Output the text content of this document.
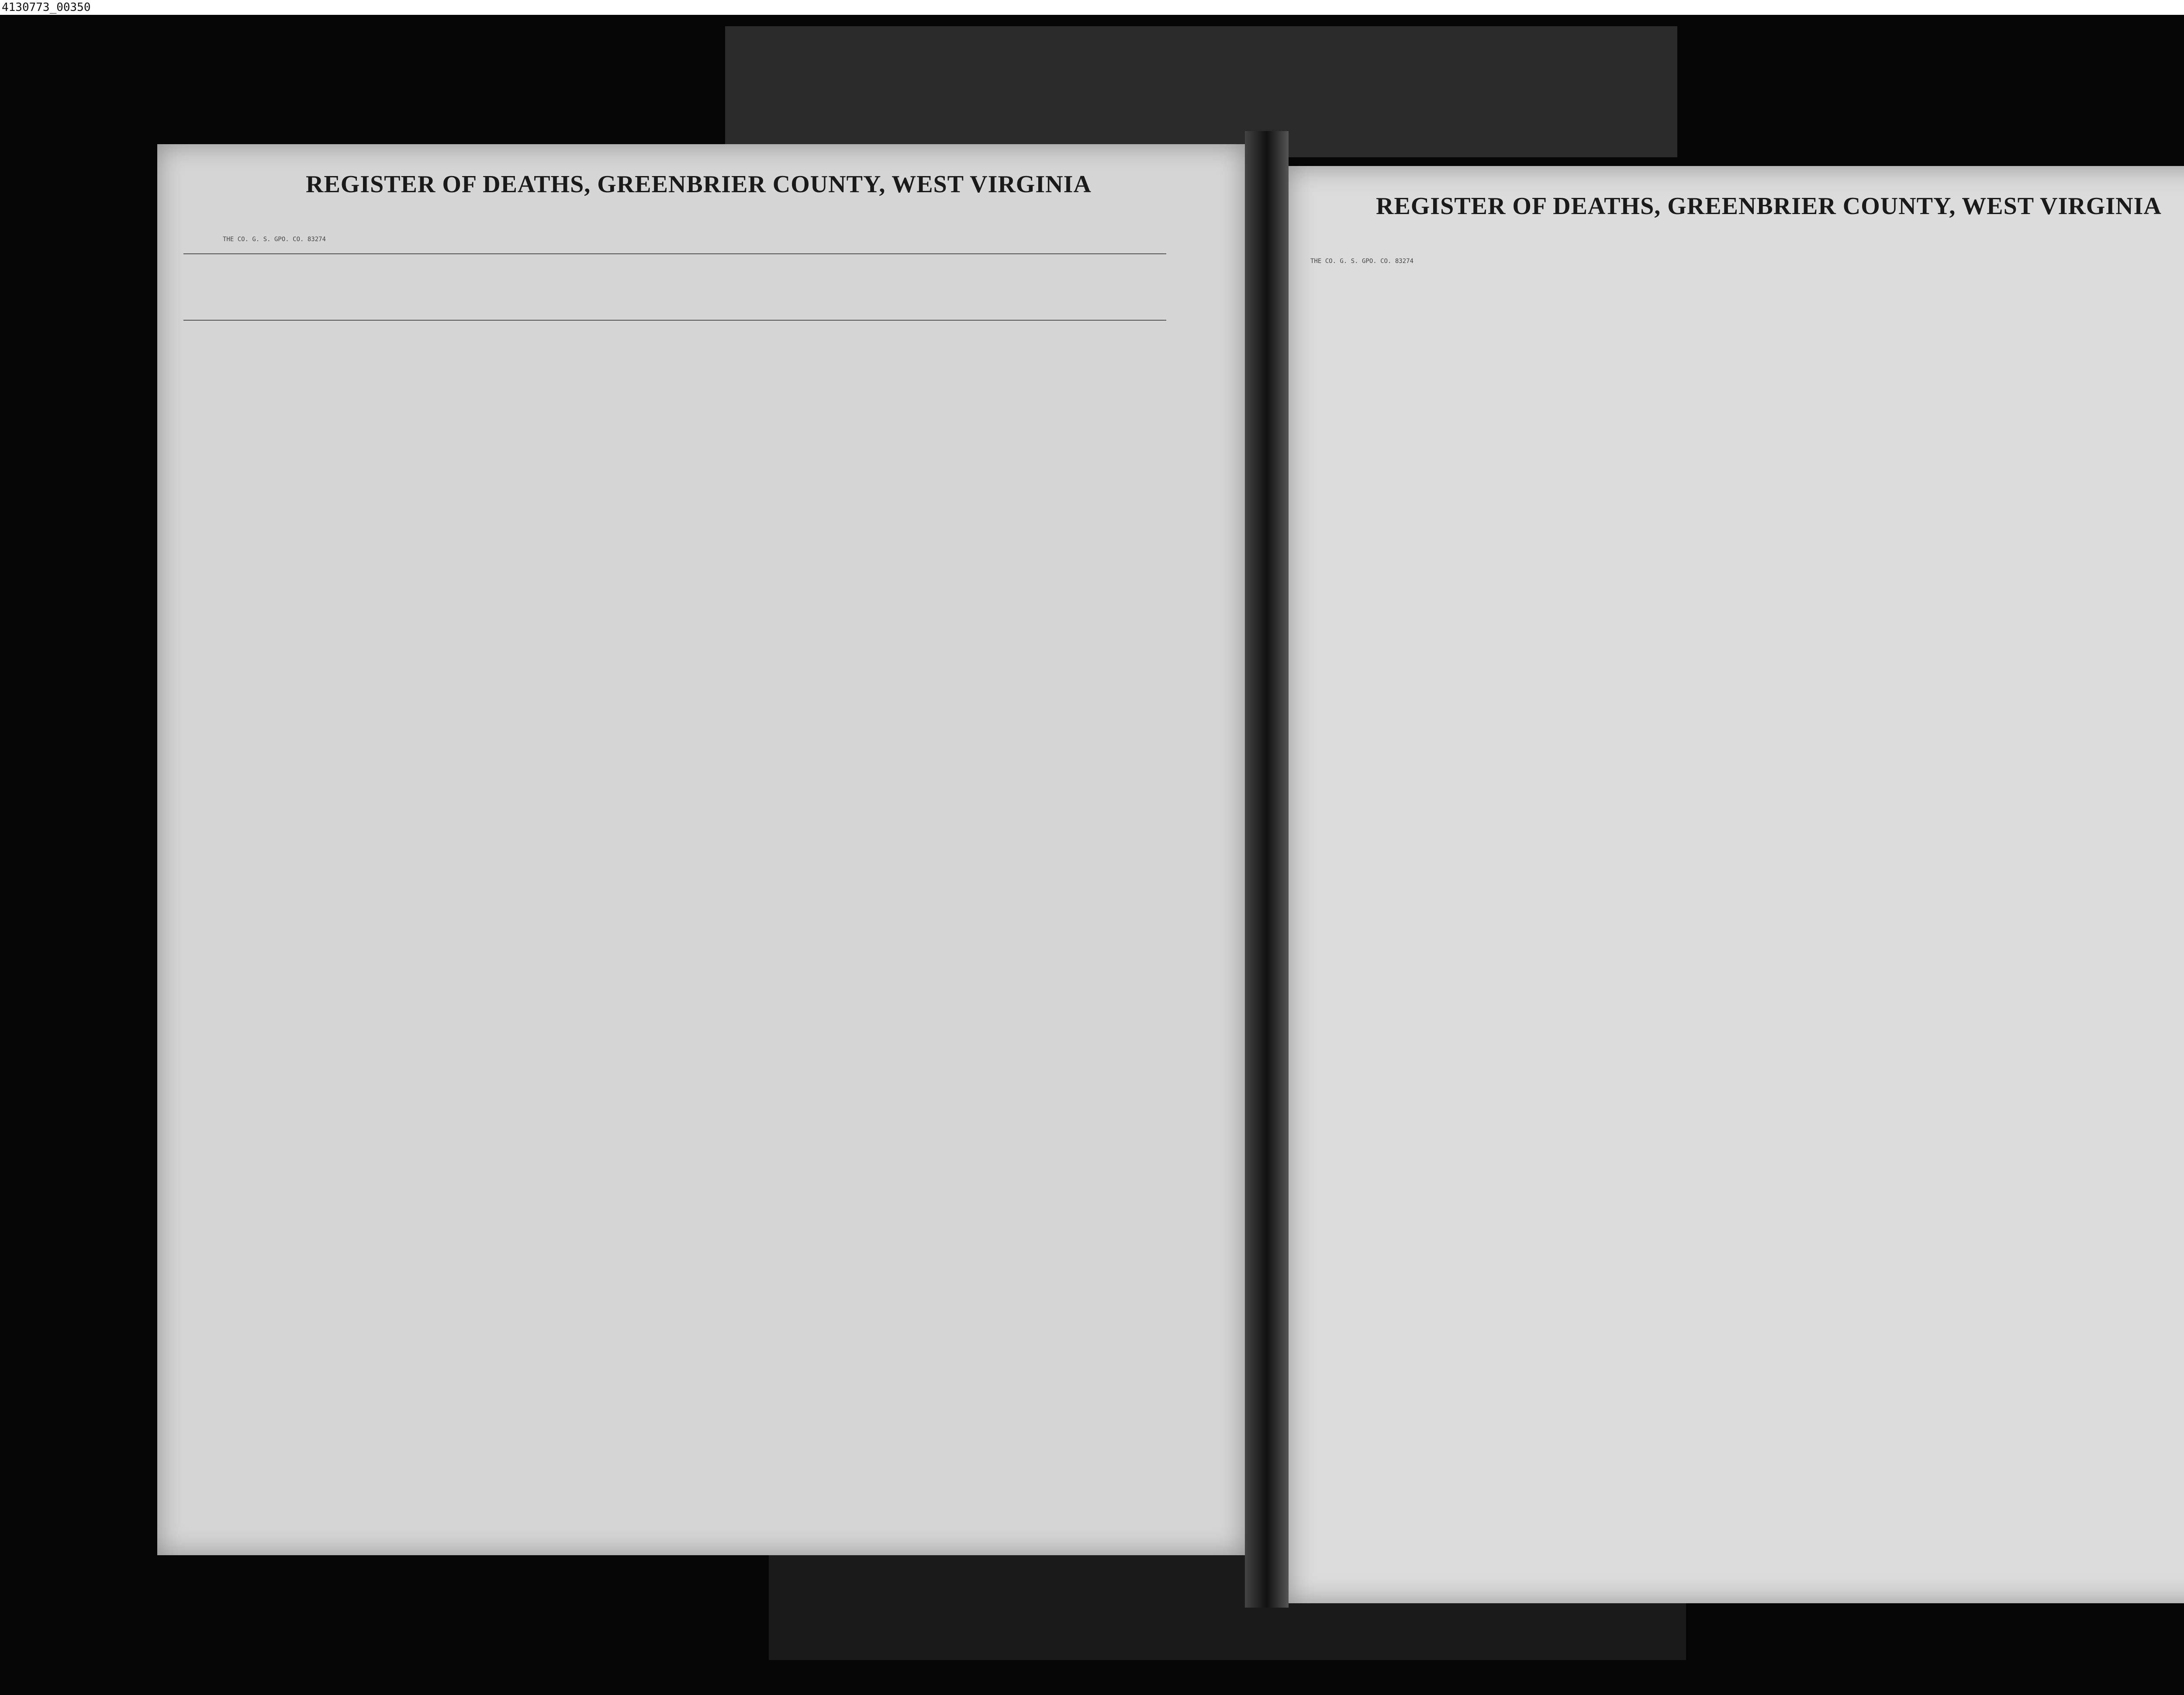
4130773_00350
REGISTER OF DEATHS, GREENBRIER COUNTY, WEST VIRGINIA
THE CO. G. S. GPO. CO. 83274
REGISTER OF DEATHS, GREENBRIER COUNTY, WEST VIRGINIA
THE CO. G. S. GPO. CO. 83274
